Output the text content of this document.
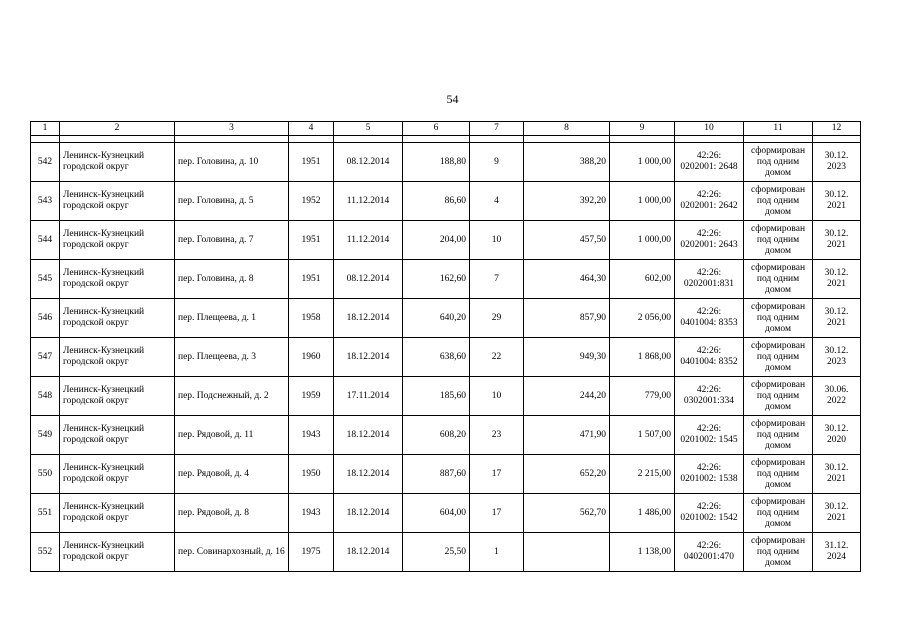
54
1	2	3	4	5	6	7	8	9	10	11	12

542	Ленинск-Кузнецкий городской округ	пер. Головина, д. 10	1951	08.12.2014	188,80	9	388,20	1 000,00	42:26: 0202001: 2648	сформирован под одним домом	30.12. 2023
543	Ленинск-Кузнецкий городской округ	пер. Головина, д. 5	1952	11.12.2014	86,60	4	392,20	1 000,00	42:26: 0202001: 2642	сформирован под одним домом	30.12. 2021
544	Ленинск-Кузнецкий городской округ	пер. Головина, д. 7	1951	11.12.2014	204,00	10	457,50	1 000,00	42:26: 0202001: 2643	сформирован под одним домом	30.12. 2021
545	Ленинск-Кузнецкий городской округ	пер. Головина, д. 8	1951	08.12.2014	162,60	7	464,30	602,00	42:26: 0202001:831	сформирован под одним домом	30.12. 2021
546	Ленинск-Кузнецкий городской округ	пер. Плещеева, д. 1	1958	18.12.2014	640,20	29	857,90	2 056,00	42:26: 0401004: 8353	сформирован под одним домом	30.12. 2021
547	Ленинск-Кузнецкий городской округ	пер. Плещеева, д. 3	1960	18.12.2014	638,60	22	949,30	1 868,00	42:26: 0401004: 8352	сформирован под одним домом	30.12. 2023
548	Ленинск-Кузнецкий городской округ	пер. Подснежный, д. 2	1959	17.11.2014	185,60	10	244,20	779,00	42:26: 0302001:334	сформирован под одним домом	30.06. 2022
549	Ленинск-Кузнецкий городской округ	пер. Рядовой, д. 11	1943	18.12.2014	608,20	23	471,90	1 507,00	42:26: 0201002: 1545	сформирован под одним домом	30.12. 2020
550	Ленинск-Кузнецкий городской округ	пер. Рядовой, д. 4	1950	18.12.2014	887,60	17	652,20	2 215,00	42:26: 0201002: 1538	сформирован под одним домом	30.12. 2021
551	Ленинск-Кузнецкий городской округ	пер. Рядовой, д. 8	1943	18.12.2014	604,00	17	562,70	1 486,00	42:26: 0201002: 1542	сформирован под одним домом	30.12. 2021
552	Ленинск-Кузнецкий городской округ	пер. Совинархозный, д. 16	1975	18.12.2014	25,50	1		1 138,00	42:26: 0402001:470	сформирован под одним домом	31.12. 2024
